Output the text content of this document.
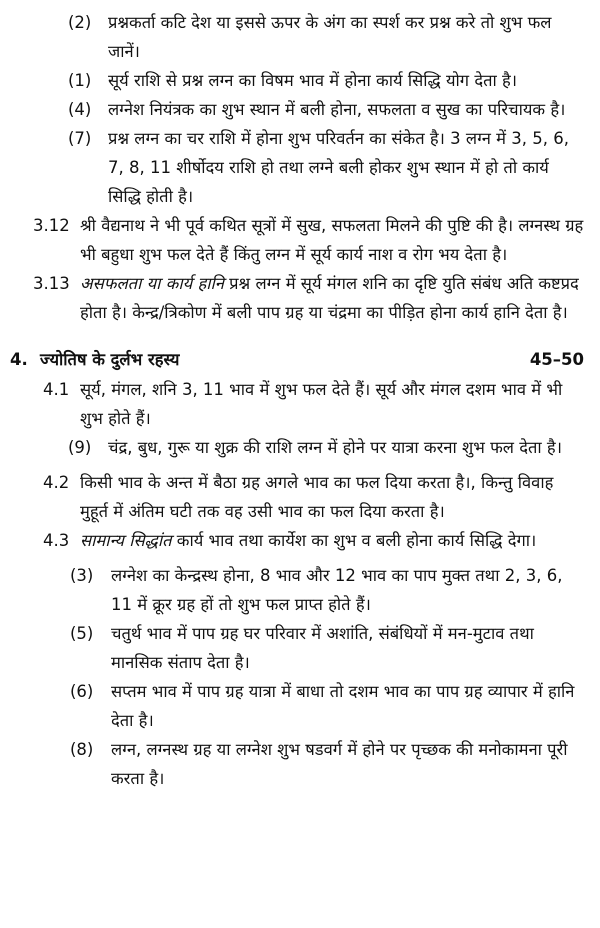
(2) प्रश्नकर्ता कटि देश या इससे ऊपर के अंग का स्पर्श कर प्रश्न करे तो शुभ फल जानें।
(1) सूर्य राशि से प्रश्न लग्न का विषम भाव में होना कार्य सिद्धि योग देता है।
(4) लग्नेश नियंत्रक का शुभ स्थान में बली होना, सफलता व सुख का परिचायक है।
(7) प्रश्न लग्न का चर राशि में होना शुभ परिवर्तन का संकेत है। 3 लग्न में 3, 5, 6, 7, 8, 11 शीर्षोदय राशि हो तथा लग्ने बली होकर शुभ स्थान में हो तो कार्य सिद्धि होती है।
3.12 श्री वैद्यनाथ ने भी पूर्व कथित सूत्रों में सुख, सफलता मिलने की पुष्टि की है। लग्नस्थ ग्रह भी बहुधा शुभ फल देते हैं किंतु लग्न में सूर्य कार्य नाश व रोग भय देता है।
3.13 असफलता या कार्य हानि प्रश्न लग्न में सूर्य मंगल शनि का दृष्टि युति संबंध अति कष्टप्रद होता है। केन्द्र/त्रिकोण में बली पाप ग्रह या चंद्रमा का पीड़ित होना कार्य हानि देता है।
4. ज्योतिष के दुर्लभ रहस्य	45–50
4.1 सूर्य, मंगल, शनि 3, 11 भाव में शुभ फल देते हैं। सूर्य और मंगल दशम भाव में भी शुभ होते हैं।
(9) चंद्र, बुध, गुरू या शुक्र की राशि लग्न में होने पर यात्रा करना शुभ फल देता है।
4.2 किसी भाव के अन्त में बैठा ग्रह अगले भाव का फल दिया करता है।, किन्तु विवाह मुहूर्त में अंतिम घटी तक वह उसी भाव का फल दिया करता है।
4.3 सामान्य सिद्धांत कार्य भाव तथा कार्येश का शुभ व बली होना कार्य सिद्धि देगा।
(3) लग्नेश का केन्द्रस्थ होना, 8 भाव और 12 भाव का पाप मुक्त तथा 2, 3, 6, 11 में क्रूर ग्रह हों तो शुभ फल प्राप्त होते हैं।
(5) चतुर्थ भाव में पाप ग्रह घर परिवार में अशांति, संबंधियों में मन-मुटाव तथा मानसिक संताप देता है।
(6) सप्तम भाव में पाप ग्रह यात्रा में बाधा तो दशम भाव का पाप ग्रह व्यापार में हानि देता है।
(8) लग्न, लग्नस्थ ग्रह या लग्नेश शुभ षडवर्ग में होने पर पृच्छक की मनोकामना पूरी करता है।
